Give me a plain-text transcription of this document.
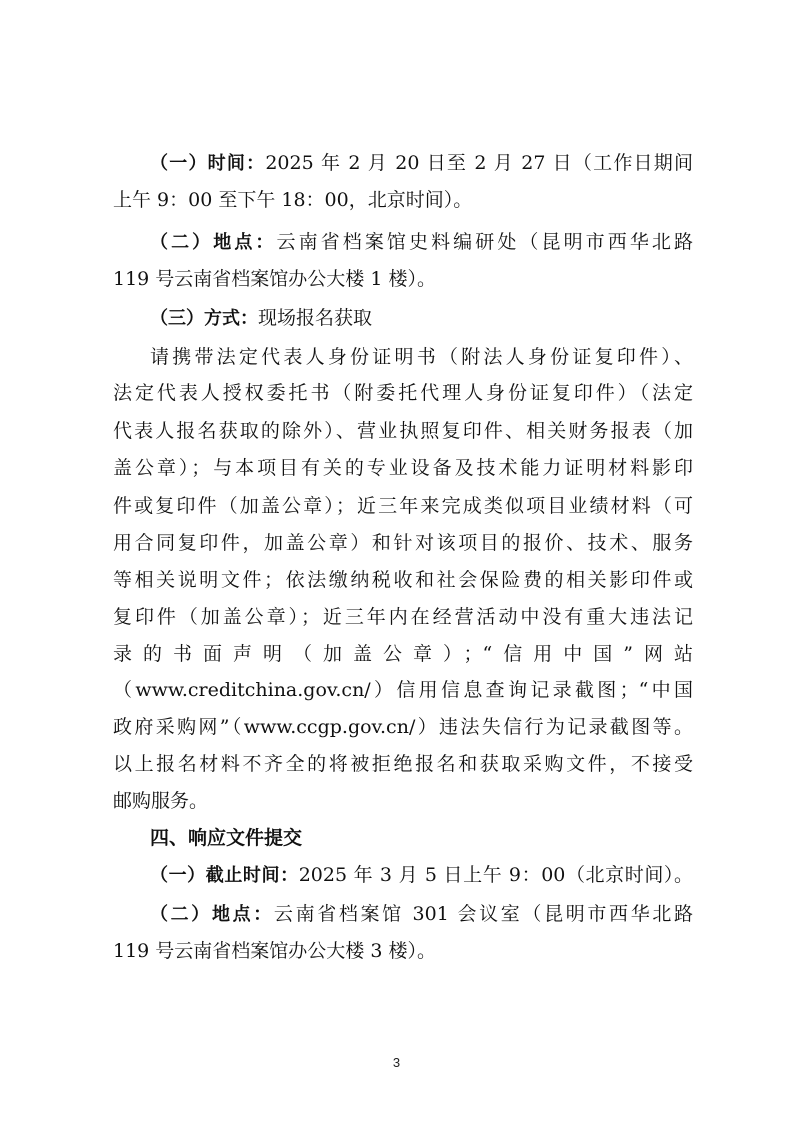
（一）时间：2025 年 2 月 20 日至 2 月 27 日（工作日期间
上午 9：00 至下午 18：00，北京时间）。
（二）地点：云南省档案馆史料编研处（昆明市西华北路
119 号云南省档案馆办公大楼 1 楼）。
（三）方式：现场报名获取
请携带法定代表人身份证明书（附法人身份证复印件）、
法定代表人授权委托书（附委托代理人身份证复印件）（法定
代表人报名获取的除外）、营业执照复印件、相关财务报表（加
盖公章）；与本项目有关的专业设备及技术能力证明材料影印
件或复印件（加盖公章）；近三年来完成类似项目业绩材料（可
用合同复印件，加盖公章）和针对该项目的报价、技术、服务
等相关说明文件；依法缴纳税收和社会保险费的相关影印件或
复印件（加盖公章）；近三年内在经营活动中没有重大违法记
录的书面声明（加盖公章）；“信用中国”网站
（www.creditchina.gov.cn/）信用信息查询记录截图；“中国
政府采购网”（www.ccgp.gov.cn/）违法失信行为记录截图等。
以上报名材料不齐全的将被拒绝报名和获取采购文件，不接受
邮购服务。
四、响应文件提交
（一）截止时间：2025 年 3 月 5 日上午 9：00（北京时间）。
（二）地点：云南省档案馆 301 会议室（昆明市西华北路
119 号云南省档案馆办公大楼 3 楼）。
3
